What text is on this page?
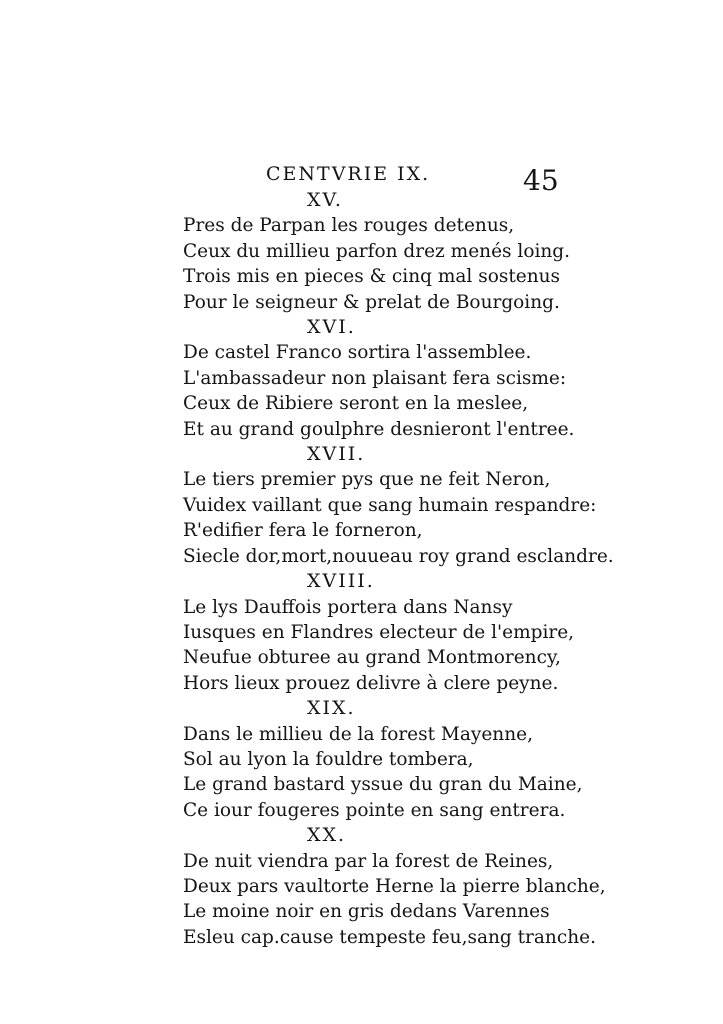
CENTVRIE IX.	45
XV.
Pres de Parpan les rouges detenus,
Ceux du millieu parfon drez menés loing.
Trois mis en pieces & cinq mal sostenus
Pour le seigneur & prelat de Bourgoing.
XVI.
De castel Franco sortira l'assemblee.
L'ambassadeur non plaisant fera scisme:
Ceux de Ribiere seront en la meslee,
Et au grand goulphre desnieront l'entree.
XVII.
Le tiers premier pys que ne feit Neron,
Vuidex vaillant que sang humain respandre:
R'edifier fera le forneron,
Siecle dor,mort,nouueau roy grand esclandre.
XVIII.
Le lys Dauffois portera dans Nansy
Iusques en Flandres electeur de l'empire,
Neufue obturee au grand Montmorency,
Hors lieux prouez delivre à clere peyne.
XIX.
Dans le millieu de la forest Mayenne,
Sol au lyon la fouldre tombera,
Le grand bastard yssue du gran du Maine,
Ce iour fougeres pointe en sang entrera.
XX.
De nuit viendra par la forest de Reines,
Deux pars vaultorte Herne la pierre blanche,
Le moine noir en gris dedans Varennes
Esleu cap.cause tempeste feu,sang tranche.
